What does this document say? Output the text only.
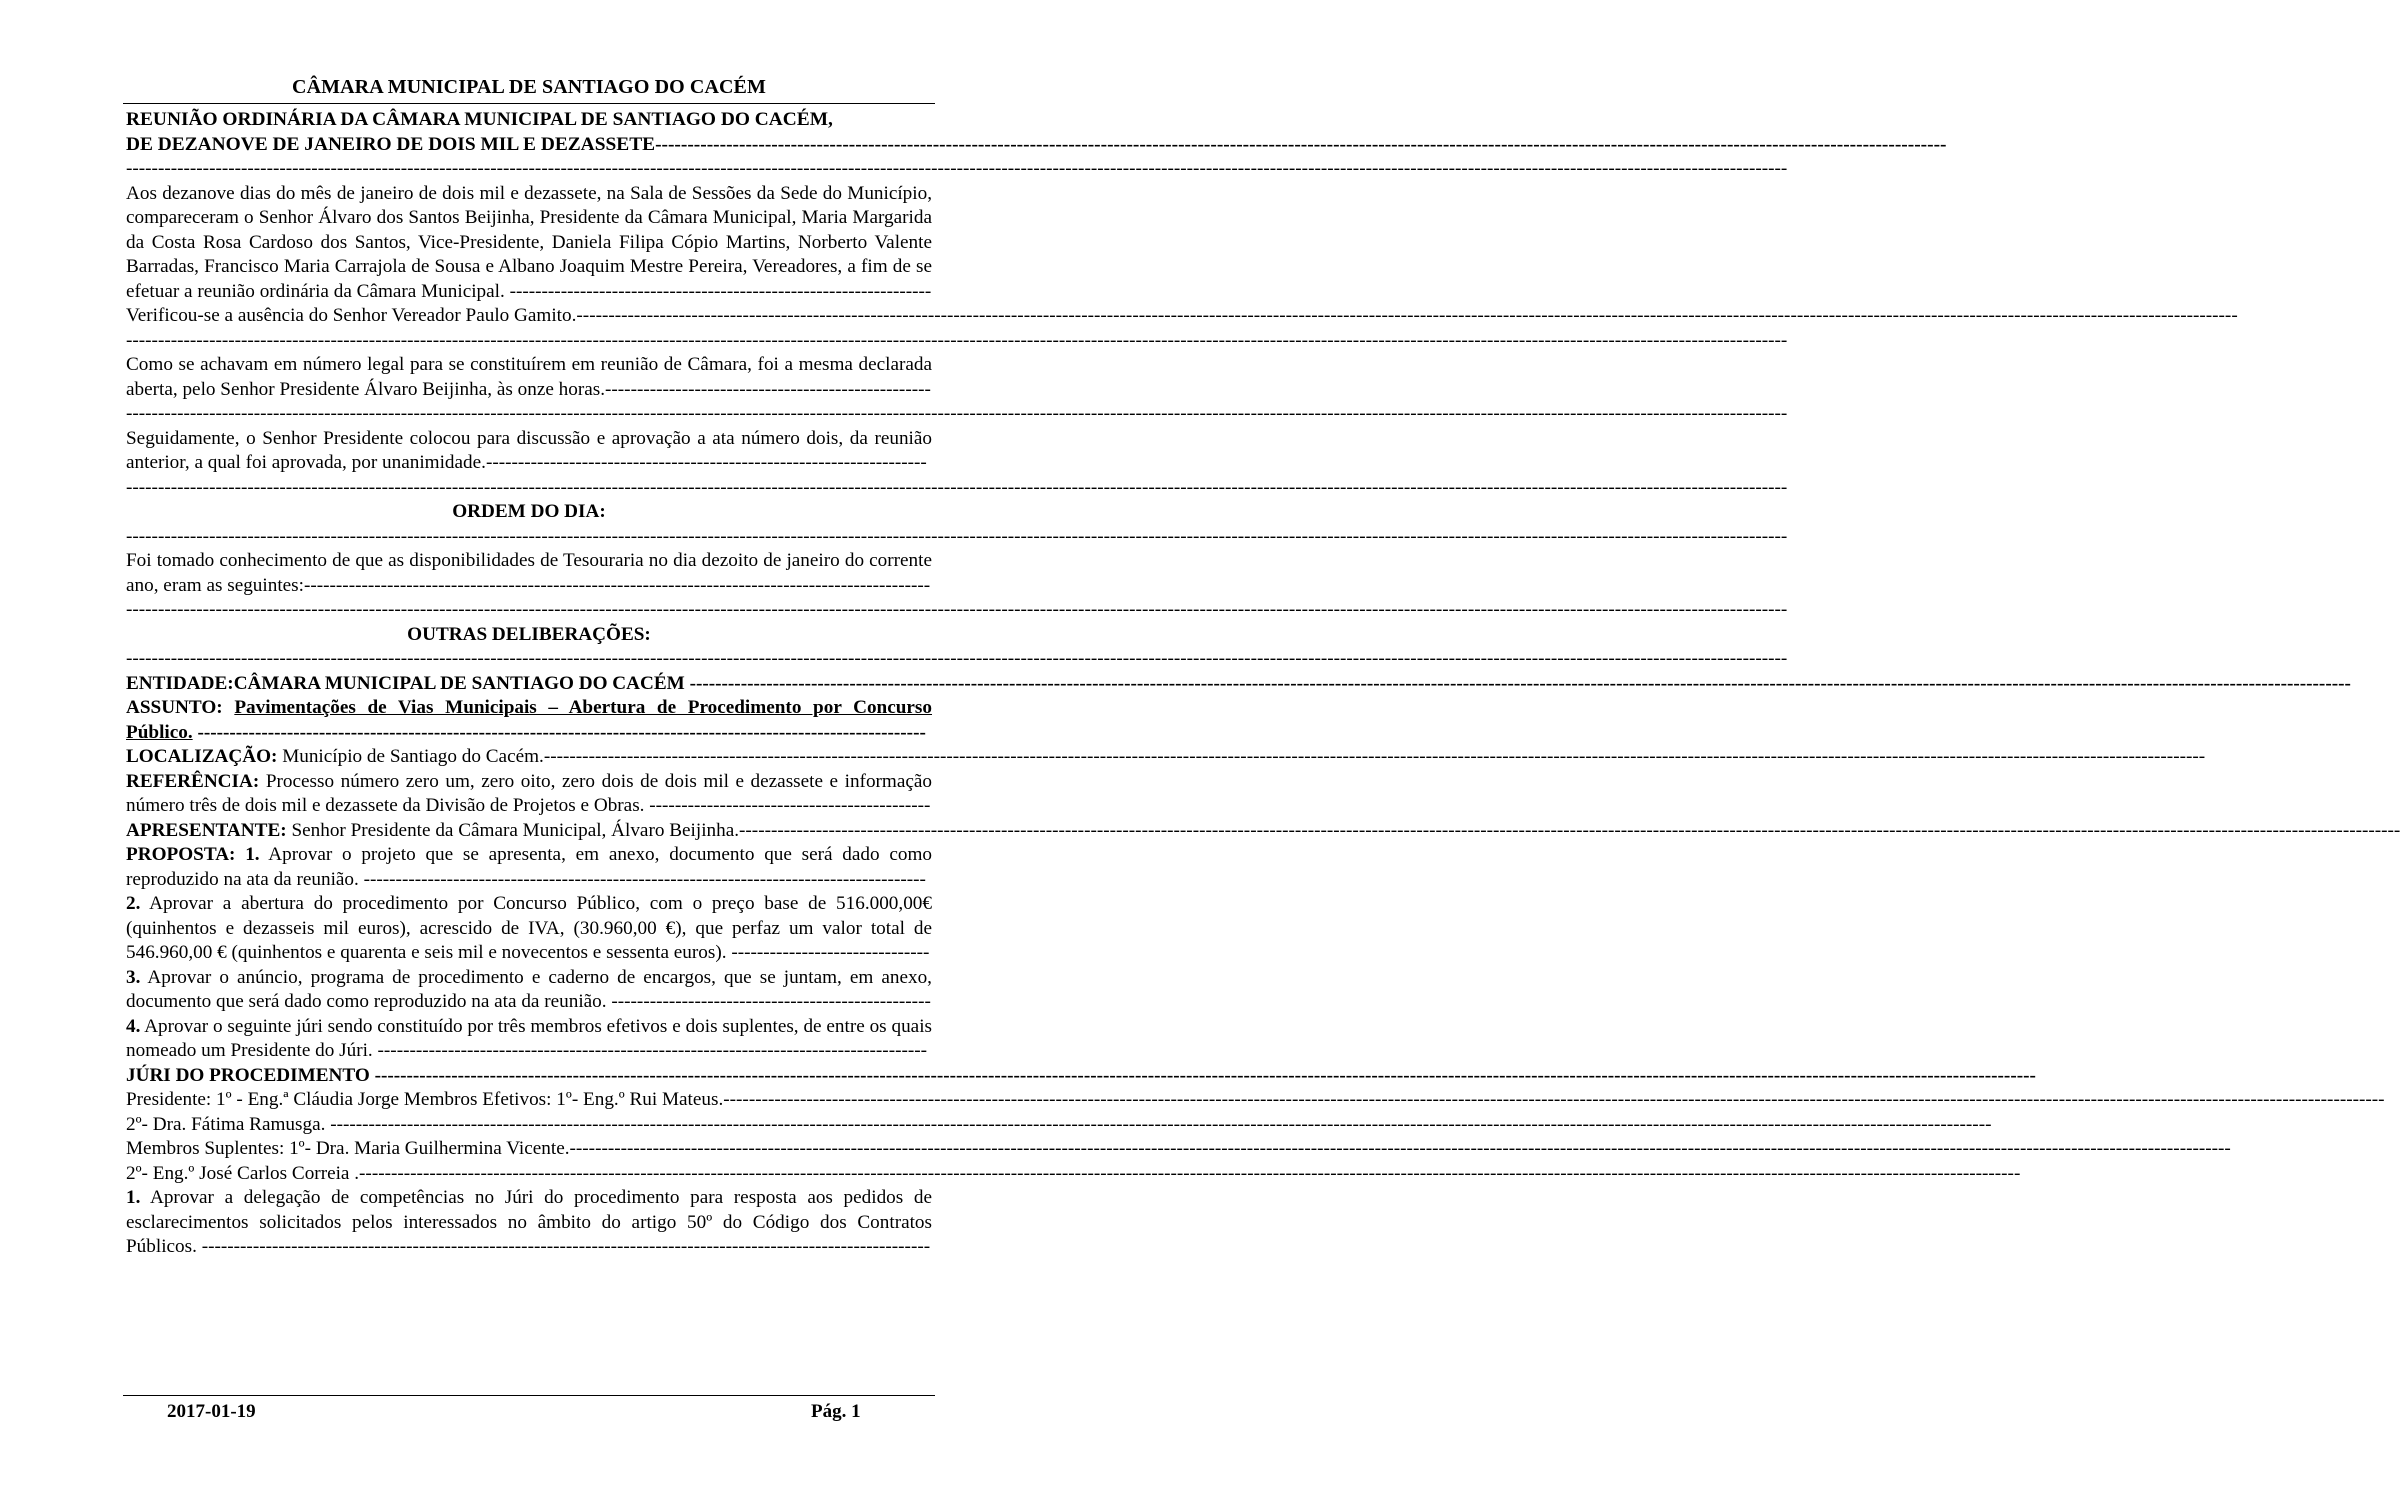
CÂMARA MUNICIPAL DE SANTIAGO DO CACÉM

REUNIÃO ORDINÁRIA DA CÂMARA MUNICIPAL DE SANTIAGO DO CACÉM,
DE DEZANOVE DE JANEIRO DE DOIS MIL E DEZASSETE--------------------------------------------------------------------------------------------------------------------------------------------------------------------------------------------------------

--------------------------------------------------------------------------------------------------------------------------------------------------------------------------------------------------------------------------------------------------------------------

Aos dezanove dias do mês de janeiro de dois mil e dezassete, na Sala de Sessões da Sede do Município, compareceram o Senhor Álvaro dos Santos Beijinha, Presidente da Câmara Municipal, Maria Margarida da Costa Rosa Cardoso dos Santos, Vice-Presidente, Daniela Filipa Cópio Martins, Norberto Valente Barradas, Francisco Maria Carrajola de Sousa e Albano Joaquim Mestre Pereira, Vereadores, a fim de se efetuar a reunião ordinária da Câmara Municipal. ------------------------------------------------------------------

Verificou-se a ausência do Senhor Vereador Paulo Gamito.--------------------------------------------------------------------------------------------------------------------------------------------------------------------------------------------------------------------------------------------------------------------

--------------------------------------------------------------------------------------------------------------------------------------------------------------------------------------------------------------------------------------------------------------------

Como se achavam em número legal para se constituírem em reunião de Câmara, foi a mesma declarada aberta, pelo Senhor Presidente Álvaro Beijinha, às onze horas.---------------------------------------------------

--------------------------------------------------------------------------------------------------------------------------------------------------------------------------------------------------------------------------------------------------------------------

Seguidamente, o Senhor Presidente colocou para discussão e aprovação a ata número dois, da reunião anterior, a qual foi aprovada, por unanimidade.---------------------------------------------------------------------

--------------------------------------------------------------------------------------------------------------------------------------------------------------------------------------------------------------------------------------------------------------------

ORDEM DO DIA:

--------------------------------------------------------------------------------------------------------------------------------------------------------------------------------------------------------------------------------------------------------------------

Foi tomado conhecimento de que as disponibilidades de Tesouraria no dia dezoito de janeiro do corrente ano, eram as seguintes:--------------------------------------------------------------------------------------------------

--------------------------------------------------------------------------------------------------------------------------------------------------------------------------------------------------------------------------------------------------------------------

OUTRAS DELIBERAÇÕES:

--------------------------------------------------------------------------------------------------------------------------------------------------------------------------------------------------------------------------------------------------------------------

ENTIDADE:CÂMARA MUNICIPAL DE SANTIAGO DO CACÉM --------------------------------------------------------------------------------------------------------------------------------------------------------------------------------------------------------------------------------------------------------------------

ASSUNTO: Pavimentações de Vias Municipais – Abertura de Procedimento por Concurso Público. ------------------------------------------------------------------------------------------------------------------

LOCALIZAÇÃO: Município de Santiago do Cacém.--------------------------------------------------------------------------------------------------------------------------------------------------------------------------------------------------------------------------------------------------------------------

REFERÊNCIA: Processo número zero um, zero oito, zero dois de dois mil e dezassete e informação número três de dois mil e dezassete da Divisão de Projetos e Obras. --------------------------------------------

APRESENTANTE: Senhor Presidente da Câmara Municipal, Álvaro Beijinha.--------------------------------------------------------------------------------------------------------------------------------------------------------------------------------------------------------------------------------------------------------------------

PROPOSTA: 1. Aprovar o projeto que se apresenta, em anexo, documento que será dado como reproduzido na ata da reunião. ----------------------------------------------------------------------------------------

2. Aprovar a abertura do procedimento por Concurso Público, com o preço base de 516.000,00€ (quinhentos e dezasseis mil euros), acrescido de IVA, (30.960,00 €), que perfaz um valor total de 546.960,00 € (quinhentos e quarenta e seis mil e novecentos e sessenta euros). -------------------------------

3. Aprovar o anúncio, programa de procedimento e caderno de encargos, que se juntam, em anexo, documento que será dado como reproduzido na ata da reunião. --------------------------------------------------

4. Aprovar o seguinte júri sendo constituído por três membros efetivos e dois suplentes, de entre os quais nomeado um Presidente do Júri. --------------------------------------------------------------------------------------

JÚRI DO PROCEDIMENTO --------------------------------------------------------------------------------------------------------------------------------------------------------------------------------------------------------------------------------------------------------------------

Presidente: 1º - Eng.ª Cláudia Jorge Membros Efetivos: 1º- Eng.º Rui Mateus.--------------------------------------------------------------------------------------------------------------------------------------------------------------------------------------------------------------------------------------------------------------------

2º- Dra. Fátima Ramusga. --------------------------------------------------------------------------------------------------------------------------------------------------------------------------------------------------------------------------------------------------------------------

Membros Suplentes: 1º- Dra. Maria Guilhermina Vicente.--------------------------------------------------------------------------------------------------------------------------------------------------------------------------------------------------------------------------------------------------------------------

2º- Eng.º José Carlos Correia .--------------------------------------------------------------------------------------------------------------------------------------------------------------------------------------------------------------------------------------------------------------------

1. Aprovar a delegação de competências no Júri do procedimento para resposta aos pedidos de esclarecimentos solicitados pelos interessados no âmbito do artigo 50º do Código dos Contratos Públicos. ------------------------------------------------------------------------------------------------------------------

2017-01-19	Pág. 1
